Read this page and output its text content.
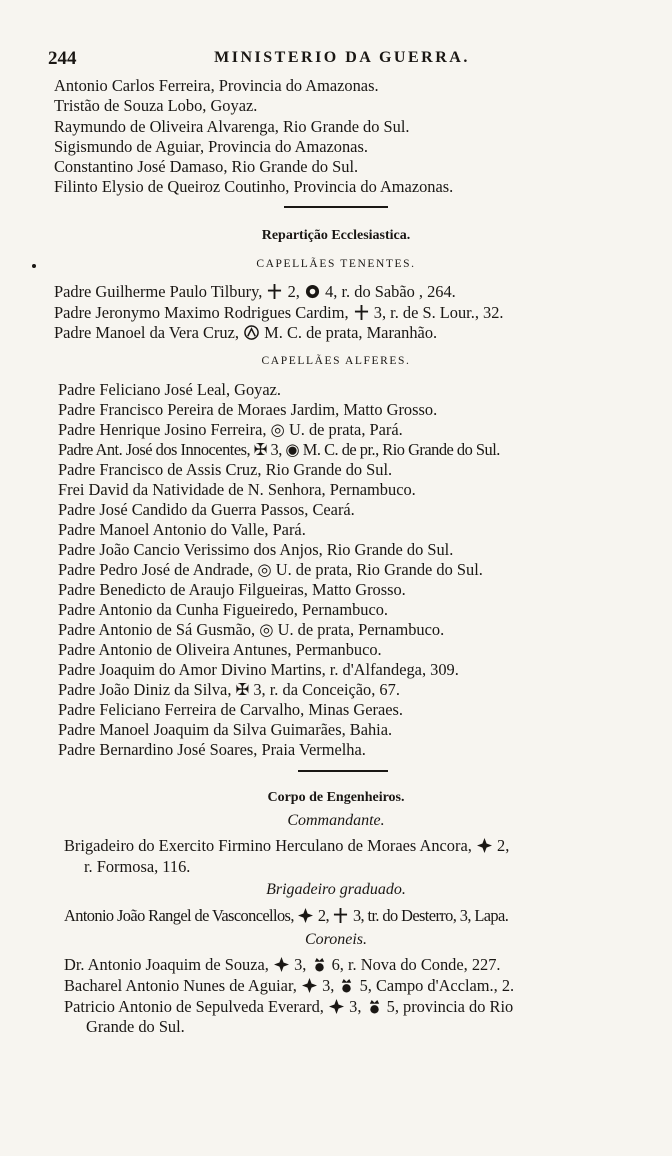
244	MINISTERIO DA GUERRA.
Antonio Carlos Ferreira, Provincia do Amazonas.
Tristão de Souza Lobo, Goyaz.
Raymundo de Oliveira Alvarenga, Rio Grande do Sul.
Sigismundo de Aguiar, Provincia do Amazonas.
Constantino José Damaso, Rio Grande do Sul.
Filinto Elysio de Queiroz Coutinho, Provincia do Amazonas.
Repartição Ecclesiastica.
CAPELLÃES TENENTES.
Padre Guilherme Paulo Tilbury, 2, 4, r. do Sabão , 264.
Padre Jeronymo Maximo Rodrigues Cardim, 3, r. de S. Lour., 32.
Padre Manoel da Vera Cruz, M. C. de prata, Maranhão.
CAPELLÃES ALFERES.
Padre Feliciano José Leal, Goyaz.
Padre Francisco Pereira de Moraes Jardim, Matto Grosso.
Padre Henrique Josino Ferreira, ◎ U. de prata, Pará.
Padre Ant. José dos Innocentes, ✠ 3, ◉ M. C. de pr., Rio Grande do Sul.
Padre Francisco de Assis Cruz, Rio Grande do Sul.
Frei David da Natividade de N. Senhora, Pernambuco.
Padre José Candido da Guerra Passos, Ceará.
Padre Manoel Antonio do Valle, Pará.
Padre João Cancio Verissimo dos Anjos, Rio Grande do Sul.
Padre Pedro José de Andrade, ◎ U. de prata, Rio Grande do Sul.
Padre Benedicto de Araujo Filgueiras, Matto Grosso.
Padre Antonio da Cunha Figueiredo, Pernambuco.
Padre Antonio de Sá Gusmão, ◎ U. de prata, Pernambuco.
Padre Antonio de Oliveira Antunes, Permanbuco.
Padre Joaquim do Amor Divino Martins, r. d'Alfandega, 309.
Padre João Diniz da Silva, ✠ 3, r. da Conceição, 67.
Padre Feliciano Ferreira de Carvalho, Minas Geraes.
Padre Manoel Joaquim da Silva Guimarães, Bahia.
Padre Bernardino José Soares, Praia Vermelha.
Corpo de Engenheiros.
Commandante.
Brigadeiro do Exercito Firmino Herculano de Moraes Ancora, 2,
r. Formosa, 116.
Brigadeiro graduado.
Antonio João Rangel de Vasconcellos, 2, 3, tr. do Desterro, 3, Lapa.
Coroneis.
Dr. Antonio Joaquim de Souza, 3, 6, r. Nova do Conde, 227.
Bacharel Antonio Nunes de Aguiar, 3, 5, Campo d'Acclam., 2.
Patricio Antonio de Sepulveda Everard, 3, 5, provincia do Rio
Grande do Sul.
